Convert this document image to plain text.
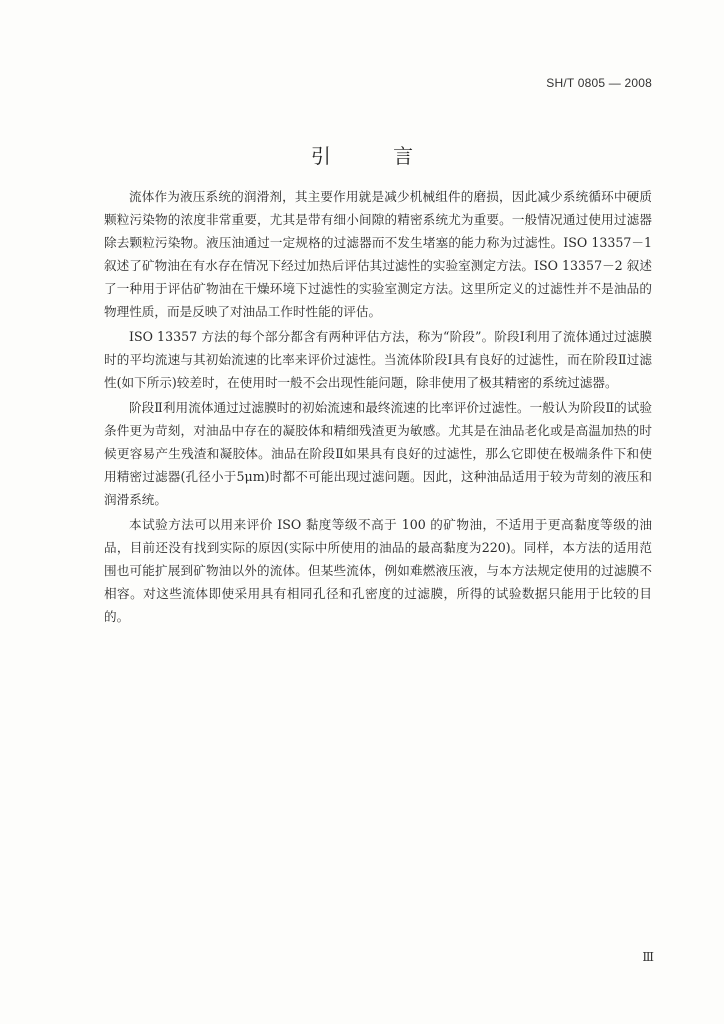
SH/T 0805 — 2008
引 言

流体作为液压系统的润滑剂，其主要作用就是减少机械组件的磨损，因此减少系统循环中硬质颗粒污染物的浓度非常重要，尤其是带有细小间隙的精密系统尤为重要。一般情况通过使用过滤器除去颗粒污染物。液压油通过一定规格的过滤器而不发生堵塞的能力称为过滤性。ISO 13357－1 叙述了矿物油在有水存在情况下经过加热后评估其过滤性的实验室测定方法。ISO 13357－2 叙述了一种用于评估矿物油在干燥环境下过滤性的实验室测定方法。这里所定义的过滤性并不是油品的物理性质，而是反映了对油品工作时性能的评估。

ISO 13357 方法的每个部分都含有两种评估方法，称为“阶段”。阶段Ⅰ利用了流体通过过滤膜时的平均流速与其初始流速的比率来评价过滤性。当流体阶段Ⅰ具有良好的过滤性，而在阶段Ⅱ过滤性(如下所示)较差时，在使用时一般不会出现性能问题，除非使用了极其精密的系统过滤器。

阶段Ⅱ利用流体通过过滤膜时的初始流速和最终流速的比率评价过滤性。一般认为阶段Ⅱ的试验条件更为苛刻，对油品中存在的凝胶体和精细残渣更为敏感。尤其是在油品老化或是高温加热的时候更容易产生残渣和凝胶体。油品在阶段Ⅱ如果具有良好的过滤性，那么它即使在极端条件下和使用精密过滤器(孔径小于5μm)时都不可能出现过滤问题。因此，这种油品适用于较为苛刻的液压和润滑系统。

本试验方法可以用来评价 ISO 黏度等级不高于 100 的矿物油，不适用于更高黏度等级的油品，目前还没有找到实际的原因(实际中所使用的油品的最高黏度为220)。同样，本方法的适用范围也可能扩展到矿物油以外的流体。但某些流体，例如难燃液压液，与本方法规定使用的过滤膜不相容。对这些流体即使采用具有相同孔径和孔密度的过滤膜，所得的试验数据只能用于比较的目的。

Ⅲ
